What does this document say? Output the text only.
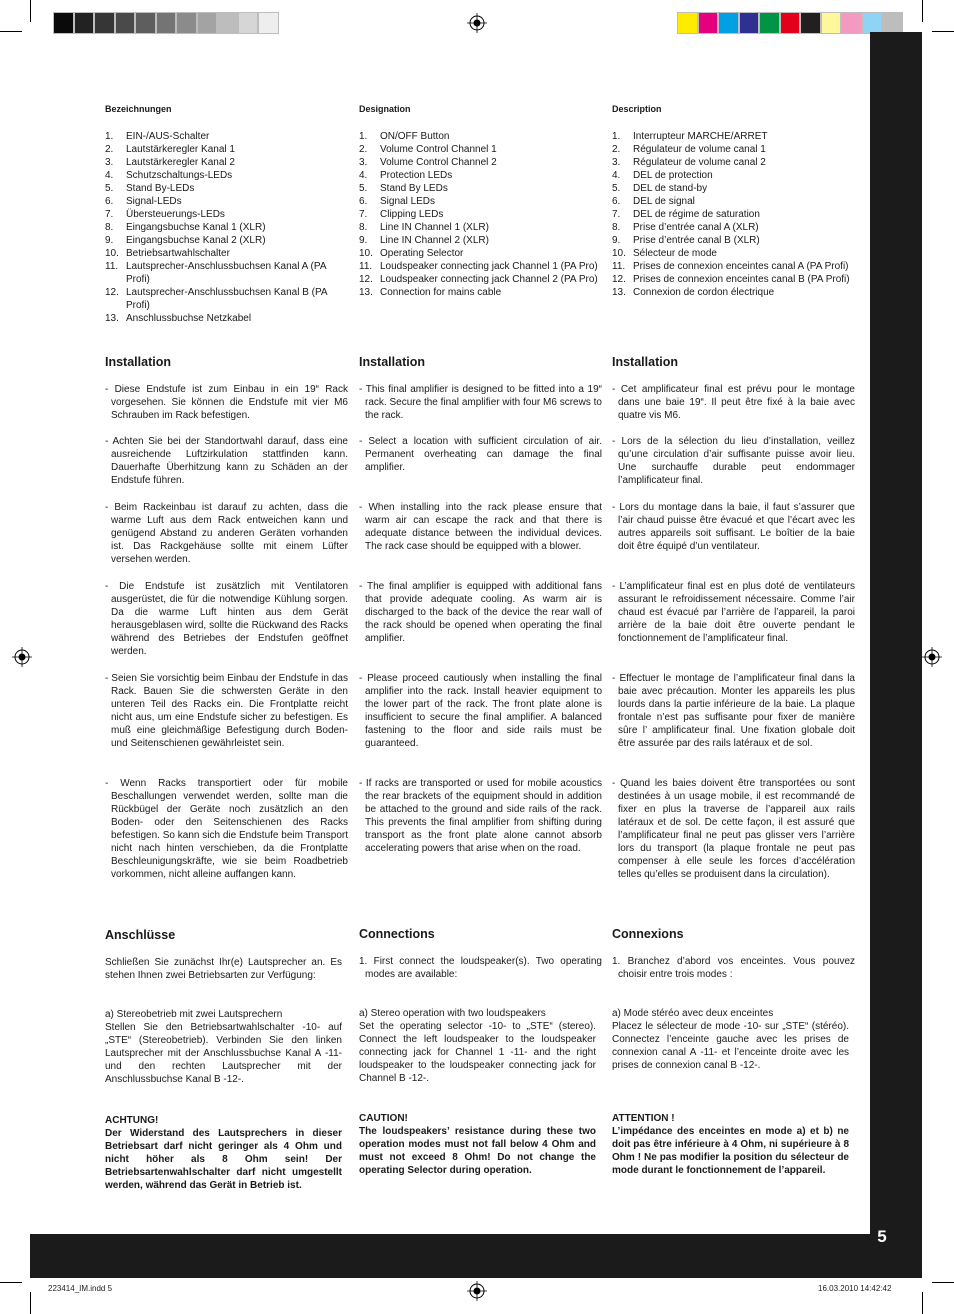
5
223414_IM.indd 5	16.03.2010 14:42:42
Bezeichnungen
1.	EIN-/AUS-Schalter
2.	Lautstärkeregler Kanal 1
3.	Lautstärkeregler Kanal 2
4.	Schutzschaltungs-LEDs
5.	Stand By-LEDs
6.	Signal-LEDs
7.	Übersteuerungs-LEDs
8.	Eingangsbuchse Kanal 1 (XLR)
9.	Eingangsbuchse Kanal 2 (XLR)
10. Betriebsartwahlschalter
11. Lautsprecher-Anschlussbuchsen Kanal A (PA Profi)
12. Lautsprecher-Anschlussbuchsen Kanal B (PA Profi)
13. Anschlussbuchse Netzkabel
Installation
- Diese Endstufe ist zum Einbau in ein 19“ Rack vorgesehen. Sie können die Endstufe mit vier M6 Schrauben im Rack befestigen.
- Achten Sie bei der Standortwahl darauf, dass eine ausreichende Luftzirkulation stattfinden kann. Dauerhafte Überhitzung kann zu Schäden an der Endstufe führen.
- Beim Rackeinbau ist darauf zu achten, dass die warme Luft aus dem Rack entweichen kann und genügend Abstand zu anderen Geräten vorhanden ist. Das Rackgehäuse sollte mit einem Lüfter versehen werden.
- Die Endstufe ist zusätzlich mit Ventilatoren ausgerüstet, die für die notwendige Kühlung sorgen. Da die warme Luft hinten aus dem Gerät herausgeblasen wird, sollte die Rückwand des Racks während des Betriebes der Endstufen geöffnet werden.
- Seien Sie vorsichtig beim Einbau der Endstufe in das Rack. Bauen Sie die schwersten Geräte in den unteren Teil des Racks ein. Die Frontplatte reicht nicht aus, um eine Endstufe sicher zu befestigen. Es muß eine gleichmäßige Befestigung durch Boden- und Seitenschienen gewährleistet sein.
- Wenn Racks transportiert oder für mobile Beschallungen verwendet werden, sollte man die Rückbügel der Geräte noch zusätzlich an den Boden- oder den Seitenschienen des Racks befestigen. So kann sich die Endstufe beim Transport nicht nach hinten verschieben, da die Frontplatte Beschleunigungskräfte, wie sie beim Roadbetrieb vorkommen, nicht alleine auffangen kann.
Anschlüsse
Schließen Sie zunächst Ihr(e) Lautsprecher an. Es stehen Ihnen zwei Betriebsarten zur Verfügung:
a) Stereobetrieb mit zwei Lautsprechern
Stellen Sie den Betriebsartwahlschalter -10- auf „STE“ (Stereobetrieb). Verbinden Sie den linken Lautsprecher mit der Anschlussbuchse Kanal A -11- und den rechten Lautsprecher mit der Anschlussbuchse Kanal B -12-.
ACHTUNG!
Der Widerstand des Lautsprechers in dieser Betriebsart darf nicht geringer als 4 Ohm und nicht höher als 8 Ohm sein! Der Betriebsartenwahlschalter darf nicht umgestellt werden, während das Gerät in Betrieb ist.
Designation
1.	ON/OFF Button
2.	Volume Control Channel 1
3.	Volume Control Channel 2
4.	Protection LEDs
5.	Stand By LEDs
6.	Signal LEDs
7.	Clipping LEDs
8.	Line IN Channel 1 (XLR)
9.	Line IN Channel 2 (XLR)
10. Operating Selector
11. Loudspeaker connecting jack Channel 1 (PA Pro)
12. Loudspeaker connecting jack Channel 2 (PA Pro)
13. Connection for mains cable
Installation
- This final amplifier is designed to be fitted into a 19“ rack. Secure the final amplifier with four M6 screws to the rack.
- Select a location with sufficient circulation of air. Permanent overheating can damage the final amplifier.
- When installing into the rack please ensure that warm air can escape the rack and that there is adequate distance between the individual devices. The rack case should be equipped with a blower.
- The final amplifier is equipped with additional fans that provide adequate cooling. As warm air is discharged to the back of the device the rear wall of the rack should be opened when operating the final amplifier.
- Please proceed cautiously when installing the final amplifier into the rack. Install heavier equipment to the lower part of the rack. The front plate alone is insufficient to secure the final amplifier. A balanced fastening to the floor and side rails must be guaranteed.
- If racks are transported or used for mobile acoustics the rear brackets of the equipment should in addition be attached to the ground and side rails of the rack. This prevents the final amplifier from shifting during transport as the front plate alone cannot absorb accelerating powers that arise when on the road.
Connections
1. First connect the loudspeaker(s). Two operating modes are available:
a) Stereo operation with two loudspeakers
Set the operating selector -10- to „STE“ (stereo). Connect the left loudspeaker to the loudspeaker connecting jack for Channel 1 -11- and the right loudspeaker to the loudspeaker connecting jack for Channel B -12-.
CAUTION!
The loudspeakers’ resistance during these two operation modes must not fall below 4 Ohm and must not exceed 8 Ohm! Do not change the operating Selector during operation.
Description
1.	Interrupteur MARCHE/ARRET
2.	Régulateur de volume canal 1
3.	Régulateur de volume canal 2
4.	DEL de protection
5.	DEL de stand-by
6.	DEL de signal
7.	DEL de régime de saturation
8.	Prise d’entrée canal A (XLR)
9.	Prise d’entrée canal B (XLR)
10. Sélecteur de mode
11. Prises de connexion enceintes canal A (PA Profi)
12. Prises de connexion enceintes canal B (PA Profi)
13. Connexion de cordon électrique
Installation
- Cet amplificateur final est prévu pour le montage dans une baie 19“. Il peut être fixé à la baie avec quatre vis M6.
- Lors de la sélection du lieu d’installation, veillez qu’une circulation d’air suffisante puisse avoir lieu. Une surchauffe durable peut endommager l’amplificateur final.
- Lors du montage dans la baie, il faut s’assurer que l’air chaud puisse être évacué et que l’écart avec les autres appareils soit suffisant. Le boîtier de la baie doit être équipé d’un ventilateur.
- L’amplificateur final est en plus doté de ventilateurs assurant le refroidissement nécessaire. Comme l’air chaud est évacué par l’arrière de l’appareil, la paroi arrière de la baie doit être ouverte pendant le fonctionnement de l’amplificateur final.
- Effectuer le montage de l’amplificateur final dans la baie avec précaution. Monter les appareils les plus lourds dans la partie inférieure de la baie. La plaque frontale n’est pas suffisante pour fixer de manière sûre l’ amplificateur final. Une fixation globale doit être assurée par des rails latéraux et de sol.
- Quand les baies doivent être transportées ou sont destinées à un usage mobile, il est recommandé de fixer en plus la traverse de l’appareil aux rails latéraux et de sol. De cette façon, il est assuré que l’amplificateur final ne peut pas glisser vers l’arrière lors du transport (la plaque frontale ne peut pas compenser à elle seule les forces d’accélération telles qu’elles se produisent dans la circulation).
Connexions
1. Branchez d’abord vos enceintes. Vous pouvez choisir entre trois modes :
a) Mode stéréo avec deux enceintes
Placez le sélecteur de mode -10- sur „STE“ (stéréo). Connectez l’enceinte gauche avec les prises de connexion canal A -11- et l’enceinte droite avec les prises de connexion canal B -12-.
ATTENTION !
L’impédance des enceintes en mode a) et b) ne doit pas être inférieure à 4 Ohm, ni supérieure à 8 Ohm ! Ne pas modifier la position du sélecteur de mode durant le fonctionnement de l’appareil.
